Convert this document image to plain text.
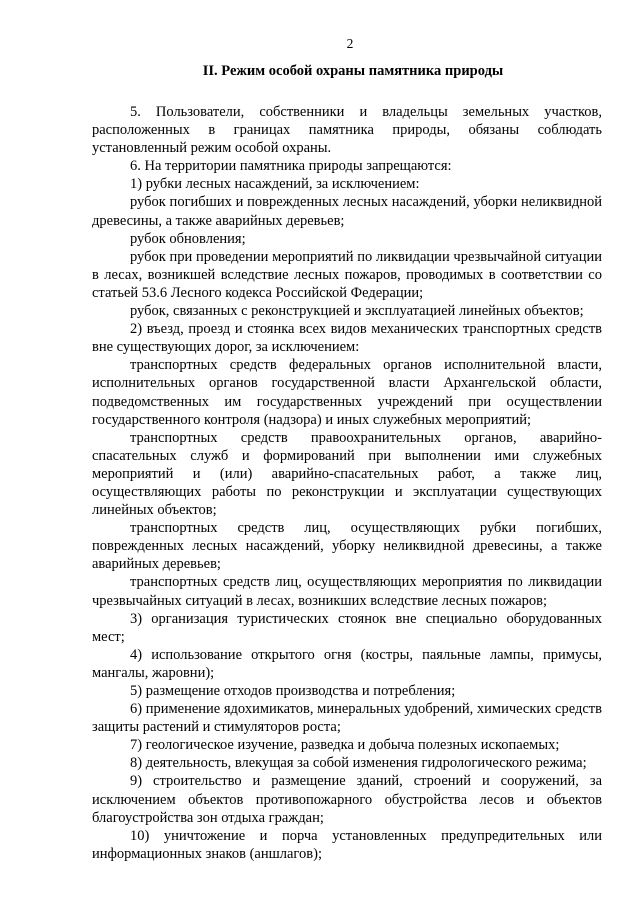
2
II. Режим особой охраны памятника природы

5. Пользователи, собственники и владельцы земельных участков, расположенных в границах памятника природы, обязаны соблюдать установленный режим особой охраны.

6. На территории памятника природы запрещаются:

1) рубки лесных насаждений, за исключением:

рубок погибших и поврежденных лесных насаждений, уборки неликвидной древесины, а также аварийных деревьев;

рубок обновления;

рубок при проведении мероприятий по ликвидации чрезвычайной ситуации в лесах, возникшей вследствие лесных пожаров, проводимых в соответствии со статьей 53.6 Лесного кодекса Российской Федерации;

рубок, связанных с реконструкцией и эксплуатацией линейных объектов;

2) въезд, проезд и стоянка всех видов механических транспортных средств вне существующих дорог, за исключением:

транспортных средств федеральных органов исполнительной власти, исполнительных органов государственной власти Архангельской области, подведомственных им государственных учреждений при осуществлении государственного контроля (надзора) и иных служебных мероприятий;

транспортных средств правоохранительных органов, аварийно-спасательных служб и формирований при выполнении ими служебных мероприятий и (или) аварийно-спасательных работ, а также лиц, осуществляющих работы по реконструкции и эксплуатации существующих линейных объектов;

транспортных средств лиц, осуществляющих рубки погибших, поврежденных лесных насаждений, уборку неликвидной древесины, а также аварийных деревьев;

транспортных средств лиц, осуществляющих мероприятия по ликвидации чрезвычайных ситуаций в лесах, возникших вследствие лесных пожаров;

3) организация туристических стоянок вне специально оборудованных мест;

4) использование открытого огня (костры, паяльные лампы, примусы, мангалы, жаровни);

5) размещение отходов производства и потребления;

6) применение ядохимикатов, минеральных удобрений, химических средств защиты растений и стимуляторов роста;

7) геологическое изучение, разведка и добыча полезных ископаемых;

8) деятельность, влекущая за собой изменения гидрологического режима;

9) строительство и размещение зданий, строений и сооружений, за исключением объектов противопожарного обустройства лесов и объектов благоустройства зон отдыха граждан;

10) уничтожение и порча установленных предупредительных или информационных знаков (аншлагов);
